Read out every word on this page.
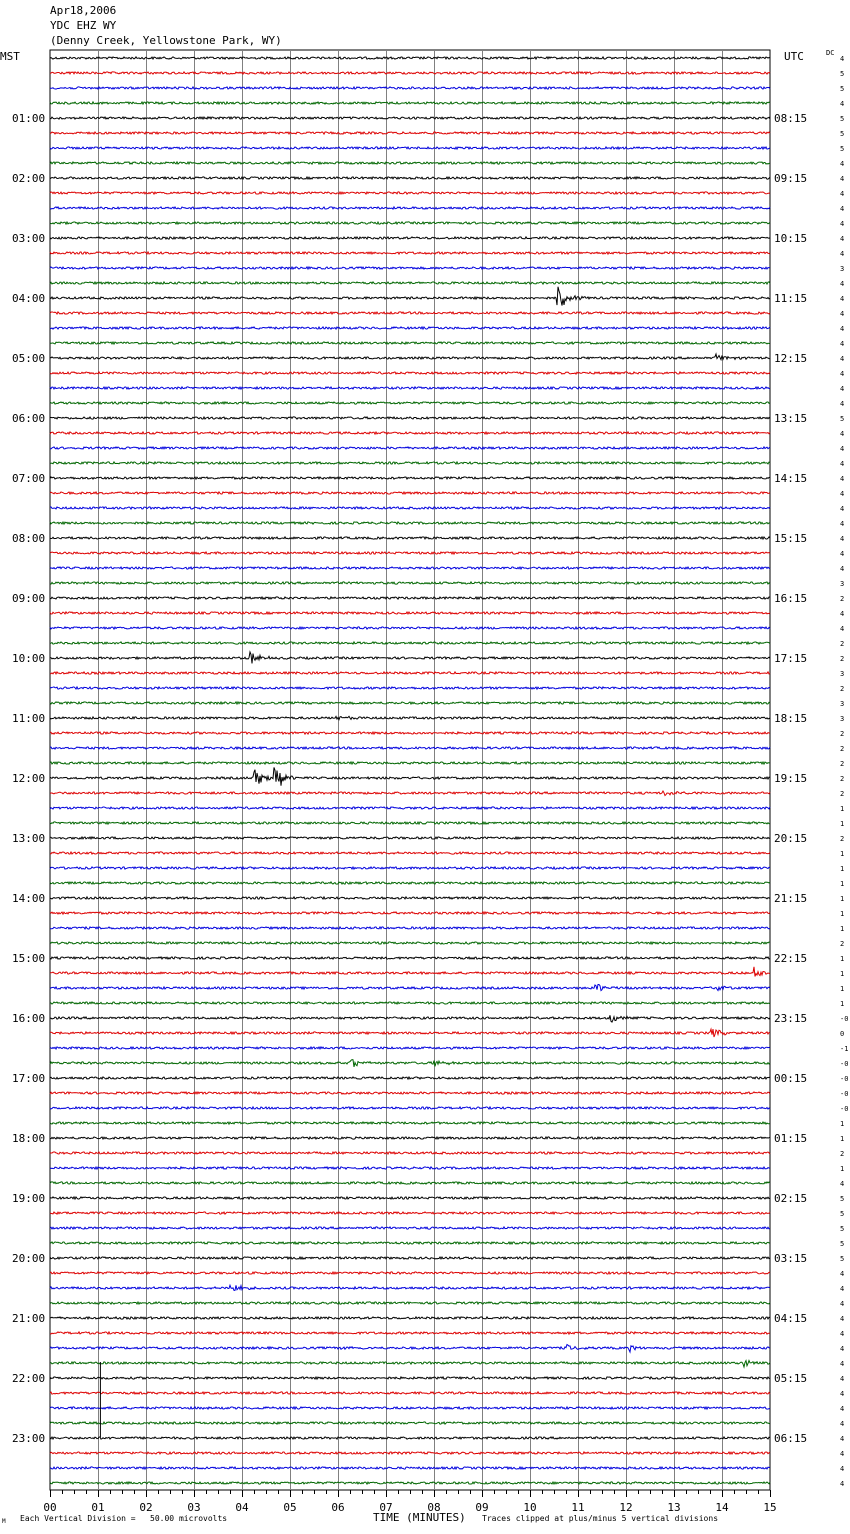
Apr18,2006
YDC EHZ WY
(Denny Creek, Yellowstone Park, WY)
MST	UTC	DC
4
5
5
4
5
5
5
4
4
4
4
4
4
4
3
4
4
4
4
4
4
4
4
4
5
4
4
4
4
4
4
4
4
4
4
3
2
4
4
2
2
3
2
3
3
2
2
2
2
2
1
1
2
1
1
1
1
1
1
2
1
1
1
1
-0
0
-1
-0
-0
-0
-0
1
1
2
1
4
5
5
5
5
5
4
4
4
4
4
4
4
4
4
4
4
4
4
4
4
00	01	02	03	04	05	06	07	08	09	10	11	12	13	14	15
01:00
02:00
03:00
04:00
05:00
06:00
07:00
08:00
09:00
10:00
11:00
12:00
13:00
14:00
15:00
16:00
17:00
18:00
19:00
20:00
21:00
22:00
23:00
08:15
09:15
10:15
11:15
12:15
13:15
14:15
15:15
16:15
17:15
18:15
19:15
20:15
21:15
22:15
23:15
00:15
01:15
02:15
03:15
04:15
05:15
06:15
TIME (MINUTES)
Each Vertical Division =   50.00 microvolts	Traces clipped at plus/minus 5 vertical divisions
M
